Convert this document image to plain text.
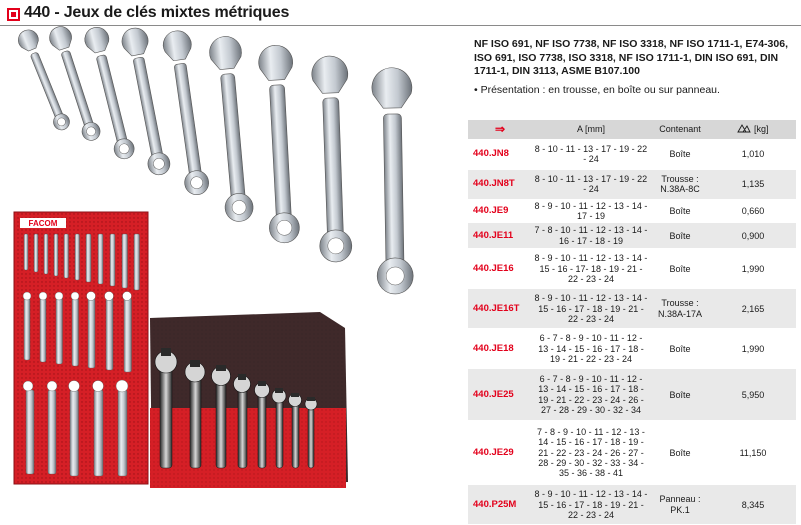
440 - Jeux de clés mixtes métriques
FACOM

NF ISO 691, NF ISO 7738, NF ISO 3318, NF ISO 1711-1, E74-306, ISO 691, ISO 7738, ISO 3318, NF ISO 1711-1, DIN ISO 691, DIN 1711-1, DIN 3113, ASME B107.100

• Présentation : en trousse, en boîte ou sur panneau.

⇒	A [mm]	Contenant	[kg]
440.JN8	8 - 10 - 11 - 13 - 17 - 19 - 22 - 24	Boîte	1,010
440.JN8T	8 - 10 - 11 - 13 - 17 - 19 - 22 - 24	Trousse : N.38A-8C	1,135
440.JE9	8 - 9 - 10 - 11 - 12 - 13 - 14 - 17 - 19	Boîte	0,660
440.JE11	7 - 8 - 10 - 11 - 12 - 13 - 14 - 16 - 17 - 18 - 19	Boîte	0,900
440.JE16	8 - 9 - 10 - 11 - 12 - 13 - 14 - 15 - 16 - 17- 18 - 19 - 21 - 22 - 23 - 24	Boîte	1,990
440.JE16T	8 - 9 - 10 - 11 - 12 - 13 - 14 - 15 - 16 - 17 - 18 - 19 - 21 - 22 - 23 - 24	Trousse : N.38A-17A	2,165
440.JE18	6 - 7 - 8 - 9 - 10 - 11 - 12 - 13 - 14 - 15 - 16 - 17 - 18 - 19 - 21 - 22 - 23 - 24	Boîte	1,990
440.JE25	6 - 7 - 8 - 9 - 10 - 11 - 12 - 13 - 14 - 15 - 16 - 17 - 18 - 19 - 21 - 22 - 23 - 24 - 26 - 27 - 28 - 29 - 30 - 32 - 34	Boîte	5,950
440.JE29	7 - 8 - 9 - 10 - 11 - 12 - 13 - 14 - 15 - 16 - 17 - 18 - 19 - 21 - 22 - 23 - 24 - 26 - 27 - 28 - 29 - 30 - 32 - 33 - 34 - 35 - 36 - 38 - 41	Boîte	11,150
440.P25M	8 - 9 - 10 - 11 - 12 - 13 - 14 - 15 - 16 - 17 - 18 - 19 - 21 - 22 - 23 - 24	Panneau : PK.1	8,345
